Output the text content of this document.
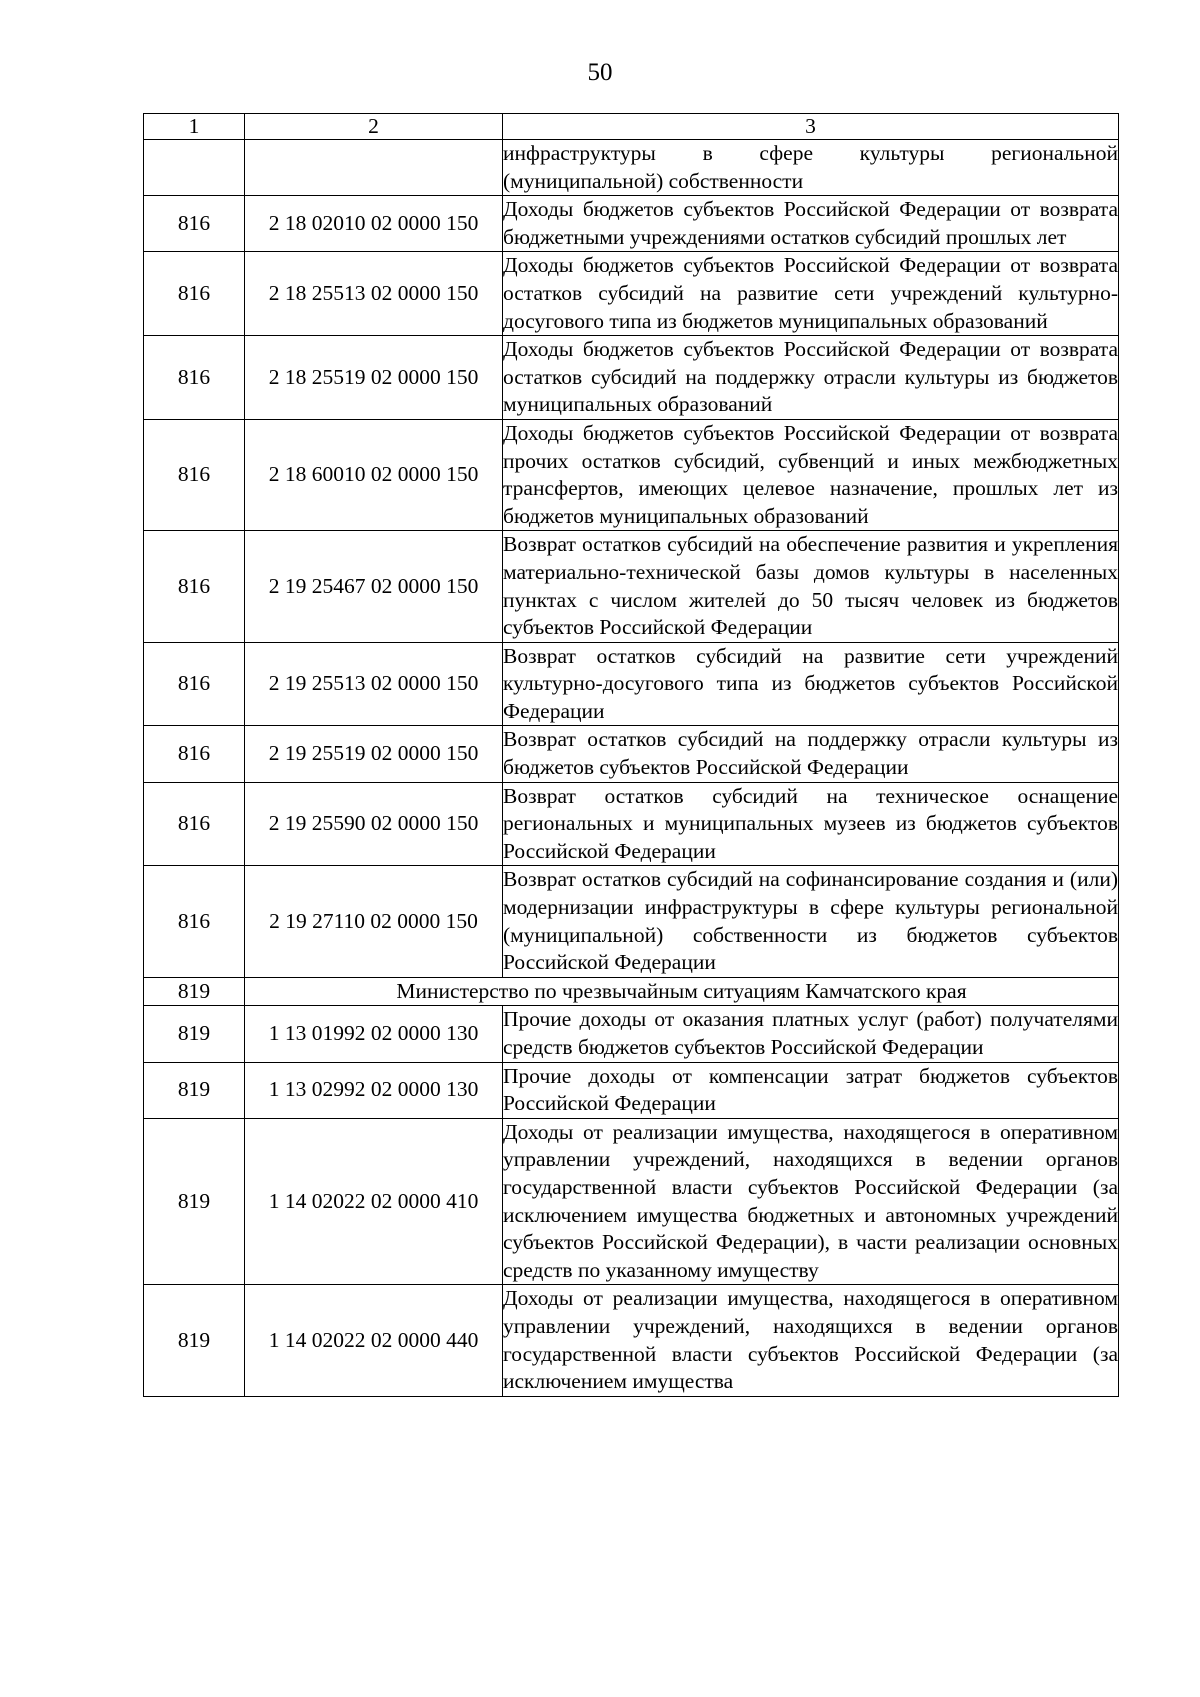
50
1	2	3
		инфраструктуры в сфере культуры региональной (муниципальной) собственности
816	2 18 02010 02 0000 150	Доходы бюджетов субъектов Российской Федерации от возврата бюджетными учреждениями остатков субсидий прошлых лет
816	2 18 25513 02 0000 150	Доходы бюджетов субъектов Российской Федерации от возврата остатков субсидий на развитие сети учреждений культурно-досугового типа из бюджетов муниципальных образований
816	2 18 25519 02 0000 150	Доходы бюджетов субъектов Российской Федерации от возврата остатков субсидий на поддержку отрасли культуры из бюджетов муниципальных образований
816	2 18 60010 02 0000 150	Доходы бюджетов субъектов Российской Федерации от возврата прочих остатков субсидий, субвенций и иных межбюджетных трансфертов, имеющих целевое назначение, прошлых лет из бюджетов муниципальных образований
816	2 19 25467 02 0000 150	Возврат остатков субсидий на обеспечение развития и укрепления материально-технической базы домов культуры в населенных пунктах с числом жителей до 50 тысяч человек из бюджетов субъектов Российской Федерации
816	2 19 25513 02 0000 150	Возврат остатков субсидий на развитие сети учреждений культурно-досугового типа из бюджетов субъектов Российской Федерации
816	2 19 25519 02 0000 150	Возврат остатков субсидий на поддержку отрасли культуры из бюджетов субъектов Российской Федерации
816	2 19 25590 02 0000 150	Возврат остатков субсидий на техническое оснащение региональных и муниципальных музеев из бюджетов субъектов Российской Федерации
816	2 19 27110 02 0000 150	Возврат остатков субсидий на софинансирование создания и (или) модернизации инфраструктуры в сфере культуры региональной (муниципальной) собственности из бюджетов субъектов Российской Федерации
819	Министерство по чрезвычайным ситуациям Камчатского края	
819	1 13 01992 02 0000 130	Прочие доходы от оказания платных услуг (работ) получателями средств бюджетов субъектов Российской Федерации
819	1 13 02992 02 0000 130	Прочие доходы от компенсации затрат бюджетов субъектов Российской Федерации
819	1 14 02022 02 0000 410	Доходы от реализации имущества, находящегося в оперативном управлении учреждений, находящихся в ведении органов государственной власти субъектов Российской Федерации (за исключением имущества бюджетных и автономных учреждений субъектов Российской Федерации), в части реализации основных средств по указанному имуществу
819	1 14 02022 02 0000 440	Доходы от реализации имущества, находящегося в оперативном управлении учреждений, находящихся в ведении органов государственной власти субъектов Российской Федерации (за исключением имущества
